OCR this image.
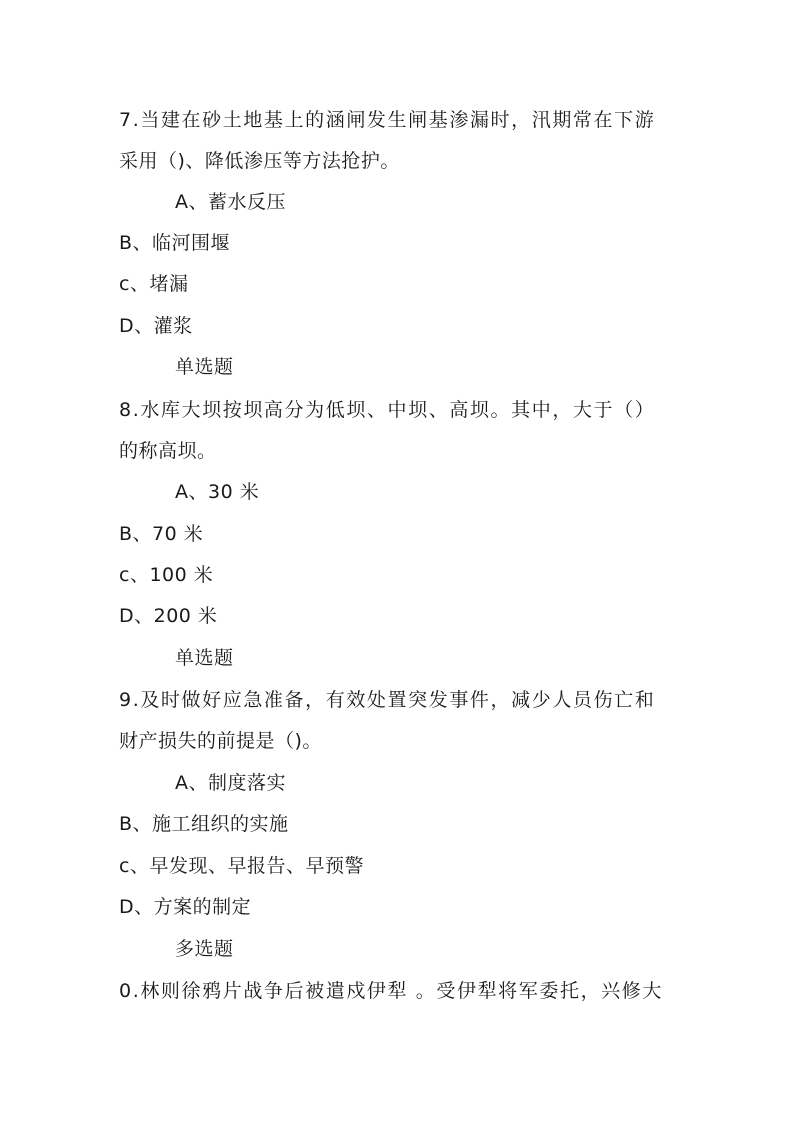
7.当建在砂土地基上的涵闸发生闸基渗漏时，汛期常在下游
采用（)、降低渗压等方法抢护。
A、蓄水反压
B、临河围堰
c、堵漏
D、灌浆
单选题
8.水库大坝按坝高分为低坝、中坝、高坝。其中，大于（）
的称高坝。
A、30 米
B、70 米
c、100 米
D、200 米
单选题
9.及时做好应急准备，有效处置突发事件，减少人员伤亡和
财产损失的前提是（)。
A、制度落实
B、施工组织的实施
c、早发现、早报告、早预警
D、方案的制定
多选题
0.林则徐鸦片战争后被遣戍伊犁 。受伊犁将军委托，兴修大
